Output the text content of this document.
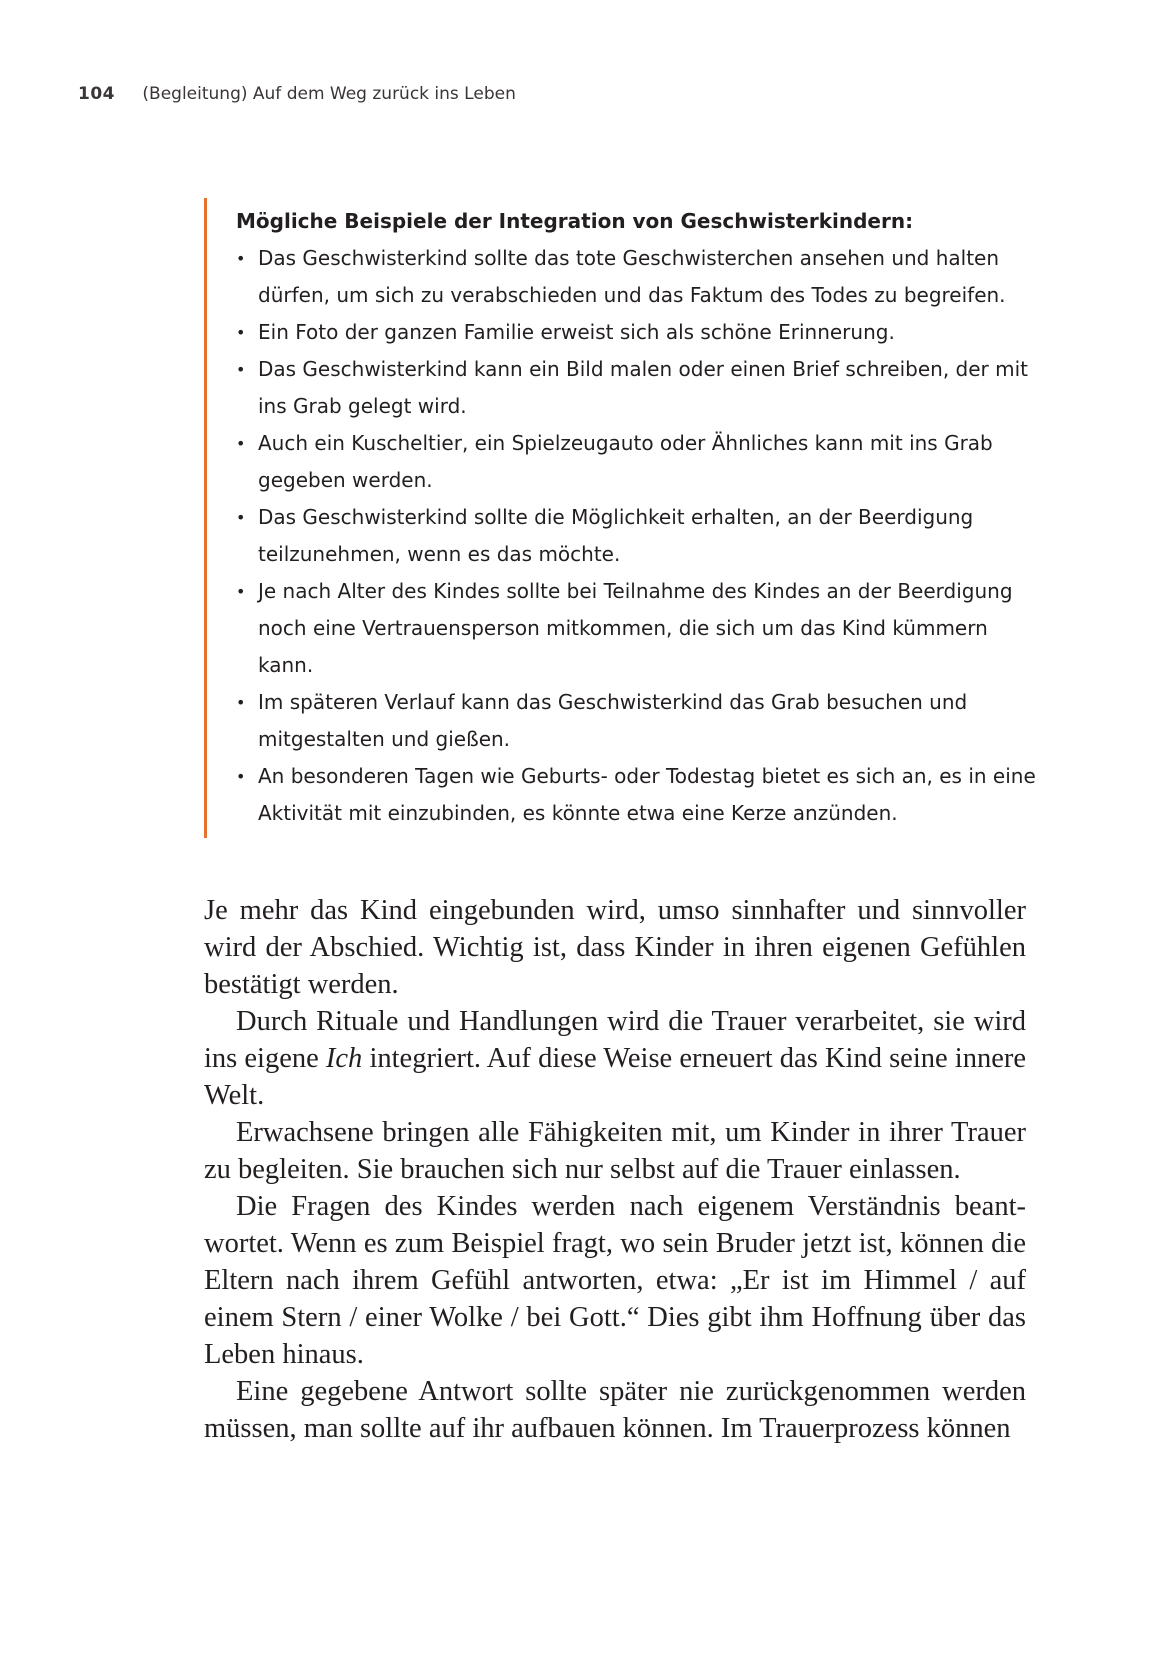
104 (Begleitung) Auf dem Weg zurück ins Leben

Mögliche Beispiele der Integration von Geschwisterkindern:

• Das Geschwisterkind sollte das tote Geschwisterchen ansehen und halten dürfen, um sich zu verabschieden und das Faktum des Todes zu begreifen.
• Ein Foto der ganzen Familie erweist sich als schöne Erinnerung.
• Das Geschwisterkind kann ein Bild malen oder einen Brief schreiben, der mit ins Grab gelegt wird.
• Auch ein Kuscheltier, ein Spielzeugauto oder Ähnliches kann mit ins Grab gegeben werden.
• Das Geschwisterkind sollte die Möglichkeit erhalten, an der Beerdigung teilzunehmen, wenn es das möchte.
• Je nach Alter des Kindes sollte bei Teilnahme des Kindes an der Beerdigung noch eine Vertrauensperson mitkommen, die sich um das Kind kümmern kann.
• Im späteren Verlauf kann das Geschwisterkind das Grab besuchen und mitgestalten und gießen.
• An besonderen Tagen wie Geburts- oder Todestag bietet es sich an, es in eine Aktivität mit einzubinden, es könnte etwa eine Kerze anzünden.

Je mehr das Kind eingebunden wird, umso sinnhafter und sinnvoller wird der Abschied. Wichtig ist, dass Kinder in ihren eigenen Gefühlen bestätigt werden.

Durch Rituale und Handlungen wird die Trauer verarbeitet, sie wird ins eigene Ich integriert. Auf diese Weise erneuert das Kind seine innere Welt.

Erwachsene bringen alle Fähigkeiten mit, um Kinder in ihrer Trauer zu begleiten. Sie brauchen sich nur selbst auf die Trauer einlassen.

Die Fragen des Kindes werden nach eigenem Verständnis beantwortet. Wenn es zum Beispiel fragt, wo sein Bruder jetzt ist, können die Eltern nach ihrem Gefühl antworten, etwa: „Er ist im Himmel / auf einem Stern / einer Wolke / bei Gott.“ Dies gibt ihm Hoffnung über das Leben hinaus.

Eine gegebene Antwort sollte später nie zurückgenommen werden müssen, man sollte auf ihr aufbauen können. Im Trauerprozess können
